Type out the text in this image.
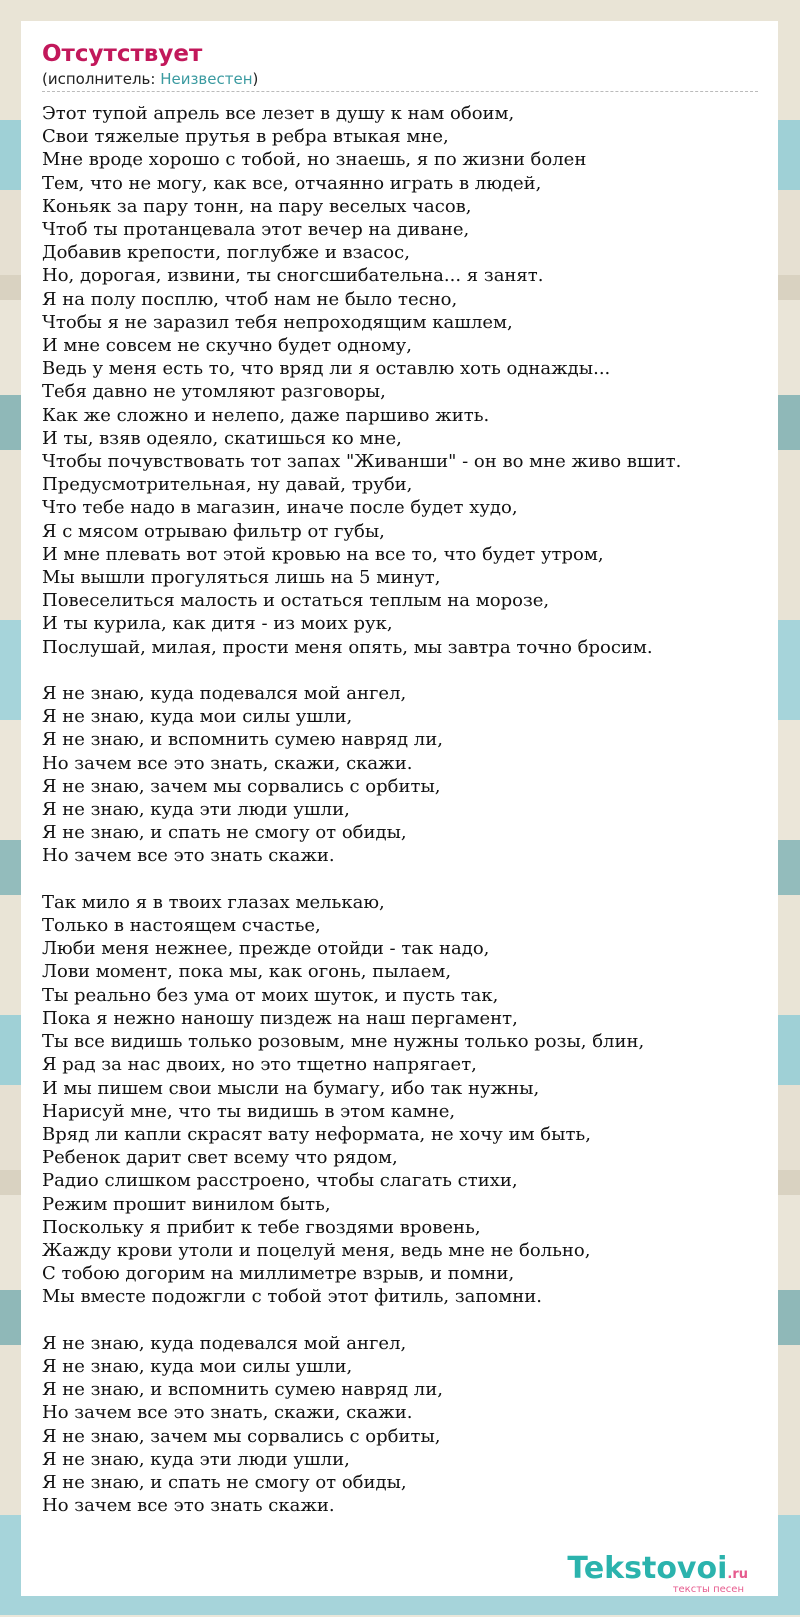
Отсутствует
(исполнитель: Неизвестен)
Этот тупой апрель все лезет в душу к нам обоим,
Свои тяжелые прутья в ребра втыкая мне,
Мне вроде хорошо с тобой, но знаешь, я по жизни болен
Тем, что не могу, как все, отчаянно играть в людей,
Коньяк за пару тонн, на пару веселых часов,
Чтоб ты протанцевала этот вечер на диване,
Добавив крепости, поглубже и взасос,
Но, дорогая, извини, ты сногсшибательна... я занят.
Я на полу посплю, чтоб нам не было тесно,
Чтобы я не заразил тебя непроходящим кашлем,
И мне совсем не скучно будет одному,
Ведь у меня есть то, что вряд ли я оставлю хоть однажды...
Тебя давно не утомляют разговоры,
Как же сложно и нелепо, даже паршиво жить.
И ты, взяв одеяло, скатишься ко мне,
Чтобы почувствовать тот запах "Живанши" - он во мне живо вшит.
Предусмотрительная, ну давай, труби,
Что тебе надо в магазин, иначе после будет худо,
Я с мясом отрываю фильтр от губы,
И мне плевать вот этой кровью на все то, что будет утром,
Мы вышли прогуляться лишь на 5 минут,
Повеселиться малость и остаться теплым на морозе,
И ты курила, как дитя - из моих рук,
Послушай, милая, прости меня опять, мы завтра точно бросим.
Я не знаю, куда подевался мой ангел,
Я не знаю, куда мои силы ушли,
Я не знаю, и вспомнить сумею навряд ли,
Но зачем все это знать, скажи, скажи.
Я не знаю, зачем мы сорвались с орбиты,
Я не знаю, куда эти люди ушли,
Я не знаю, и спать не смогу от обиды,
Но зачем все это знать скажи.
Так мило я в твоих глазах мелькаю,
Только в настоящем счастье,
Люби меня нежнее, прежде отойди - так надо,
Лови момент, пока мы, как огонь, пылаем,
Ты реально без ума от моих шуток, и пусть так,
Пока я нежно наношу пиздеж на наш пергамент,
Ты все видишь только розовым, мне нужны только розы, блин,
Я рад за нас двоих, но это тщетно напрягает,
И мы пишем свои мысли на бумагу, ибо так нужны,
Нарисуй мне, что ты видишь в этом камне,
Вряд ли капли скрасят вату неформата, не хочу им быть,
Ребенок дарит свет всему что рядом,
Радио слишком расстроено, чтобы слагать стихи,
Режим прошит винилом быть,
Поскольку я прибит к тебе гвоздями вровень,
Жажду крови утоли и поцелуй меня, ведь мне не больно,
С тобою догорим на миллиметре взрыв, и помни,
Мы вместе подожгли с тобой этот фитиль, запомни.
Я не знаю, куда подевался мой ангел,
Я не знаю, куда мои силы ушли,
Я не знаю, и вспомнить сумею навряд ли,
Но зачем все это знать, скажи, скажи.
Я не знаю, зачем мы сорвались с орбиты,
Я не знаю, куда эти люди ушли,
Я не знаю, и спать не смогу от обиды,
Но зачем все это знать скажи.
Tekstovoi.ru
тексты песен
